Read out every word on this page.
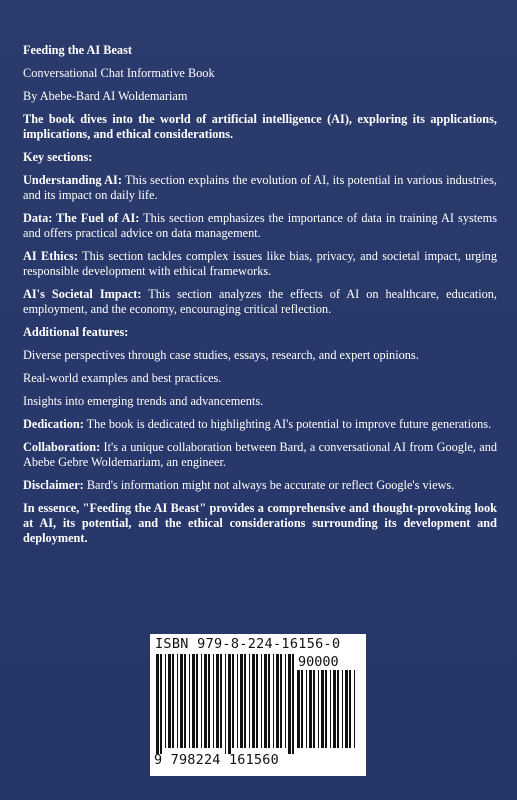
Feeding the AI Beast

Conversational Chat Informative Book

By Abebe-Bard AI Woldemariam

The book dives into the world of artificial intelligence (AI), exploring its applications, implications, and ethical considerations.

Key sections:

Understanding AI: This section explains the evolution of AI, its potential in various industries, and its impact on daily life.

Data: The Fuel of AI: This section emphasizes the importance of data in training AI systems and offers practical advice on data management.

AI Ethics: This section tackles complex issues like bias, privacy, and societal impact, urging responsible development with ethical frameworks.

AI's Societal Impact: This section analyzes the effects of AI on healthcare, education, employment, and the economy, encouraging critical reflection.

Additional features:

Diverse perspectives through case studies, essays, research, and expert opinions.

Real-world examples and best practices.

Insights into emerging trends and advancements.

Dedication: The book is dedicated to highlighting AI's potential to improve future generations.

Collaboration: It's a unique collaboration between Bard, a conversational AI from Google, and Abebe Gebre Woldemariam, an engineer.

Disclaimer: Bard's information might not always be accurate or reflect Google's views.

In essence, "Feeding the AI Beast" provides a comprehensive and thought-provoking look at AI, its potential, and the ethical considerations surrounding its development and deployment.

ISBN 979-8-224-16156-0
90000
9 798224 161560
